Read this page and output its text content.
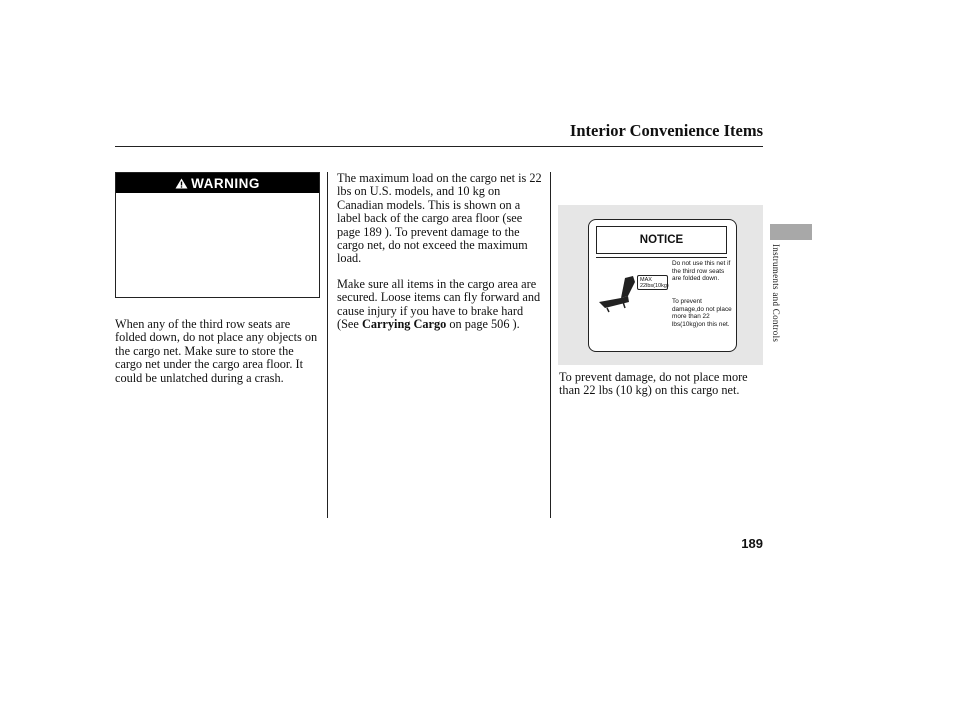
Interior Convenience Items
WARNING

When any of the third row seats are folded down, do not place any objects on the cargo net. Make sure to store the cargo net under the cargo area floor. It could be unlatched during a crash.

The maximum load on the cargo net is 22 lbs on U.S. models, and 10 kg on Canadian models. This is shown on a label back of the cargo area floor (see page 189 ). To prevent damage to the cargo net, do not exceed the maximum load.

Make sure all items in the cargo area are secured. Loose items can fly forward and cause injury if you have to brake hard (See Carrying Cargo on page 506 ).

NOTICE
MAX
22lbs(10kg)
Do not use this net if the third row seats are folded down.
To prevent damage,do not place more than 22 lbs(10kg)on this net.

To prevent damage, do not place more than 22 lbs (10 kg) on this cargo net.

Instruments and Controls
189
